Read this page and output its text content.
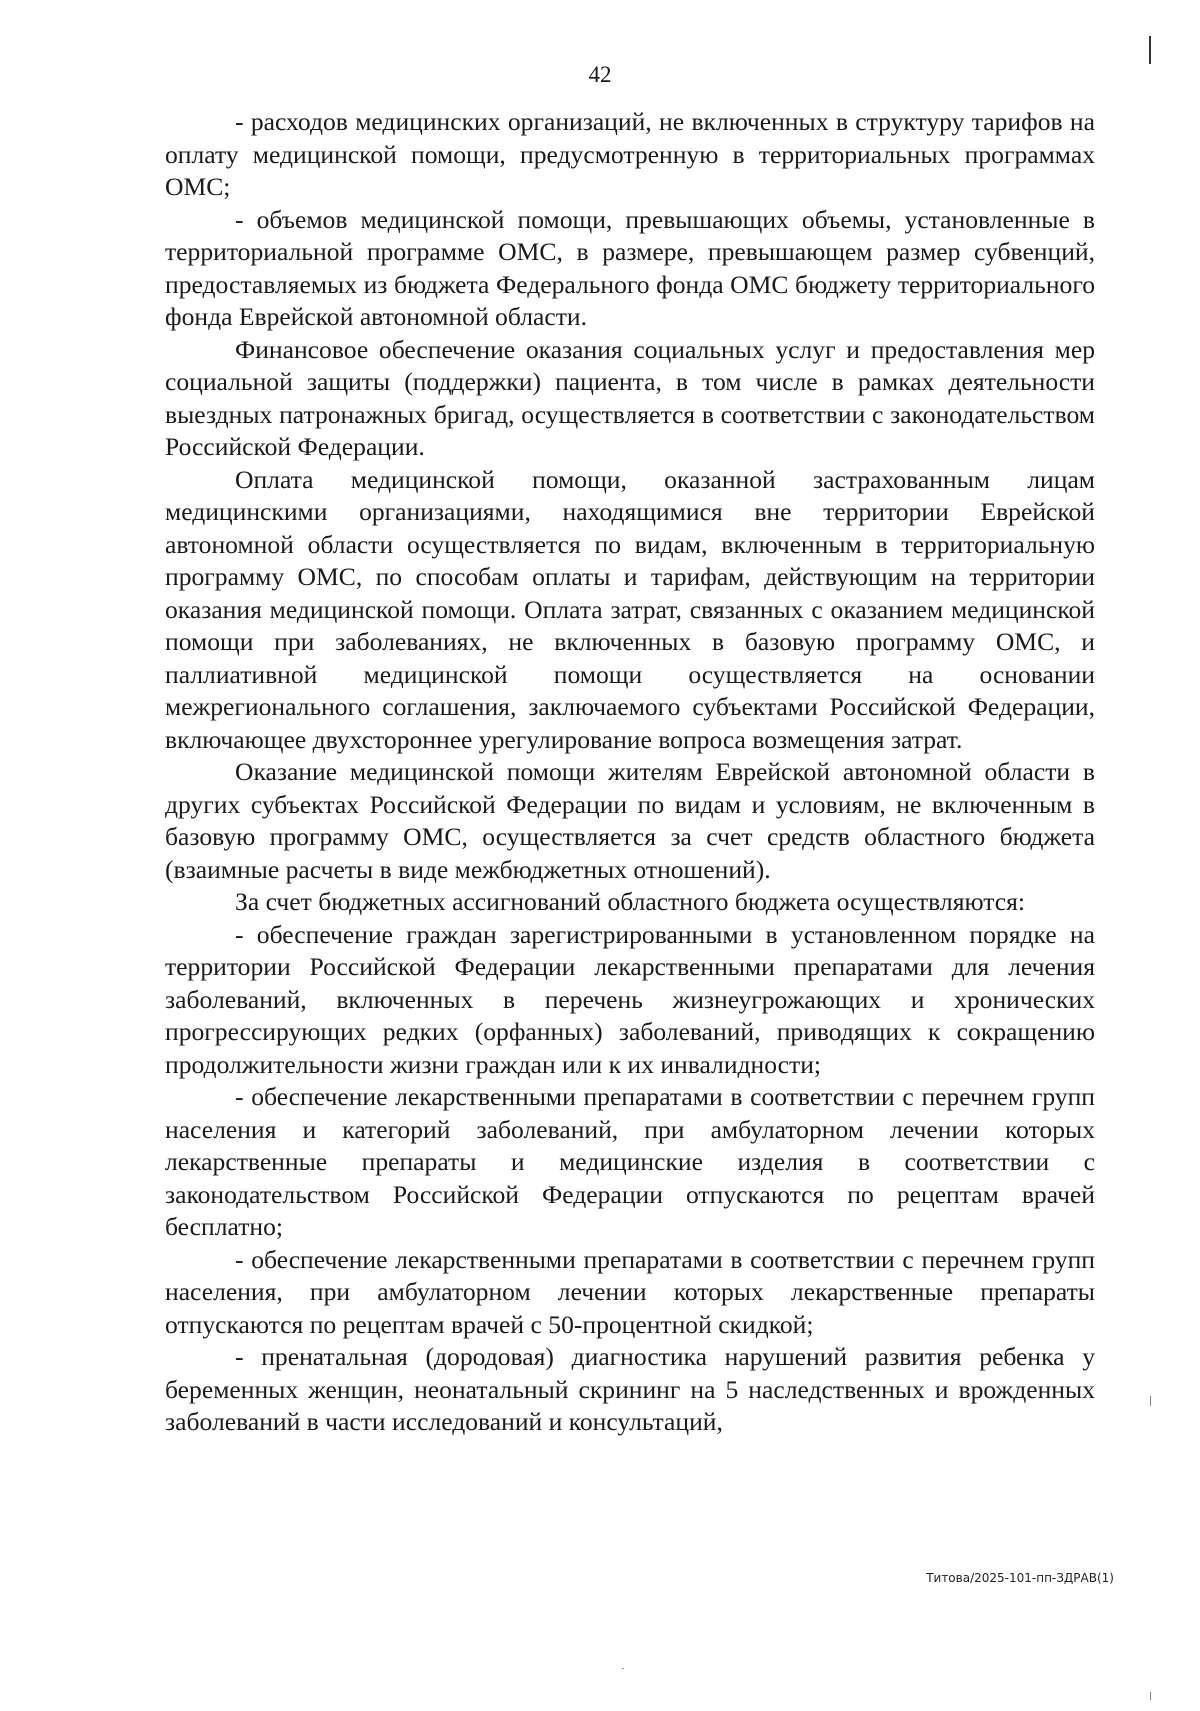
42

- расходов медицинских организаций, не включенных в структуру тарифов на оплату медицинской помощи, предусмотренную в территориальных программах ОМС;

- объемов медицинской помощи, превышающих объемы, установленные в территориальной программе ОМС, в размере, превышающем размер субвенций, предоставляемых из бюджета Федерального фонда ОМС бюджету территориального фонда Еврейской автономной области.

Финансовое обеспечение оказания социальных услуг и предоставления мер социальной защиты (поддержки) пациента, в том числе в рамках деятельности выездных патронажных бригад, осуществляется в соответствии с законодательством Российской Федерации.

Оплата медицинской помощи, оказанной застрахованным лицам медицинскими организациями, находящимися вне территории Еврейской автономной области осуществляется по видам, включенным в территориальную программу ОМС, по способам оплаты и тарифам, действующим на территории оказания медицинской помощи. Оплата затрат, связанных с оказанием медицинской помощи при заболеваниях, не включенных в базовую программу ОМС, и паллиативной медицинской помощи осуществляется на основании межрегионального соглашения, заключаемого субъектами Российской Федерации, включающее двухстороннее урегулирование вопроса возмещения затрат.

Оказание медицинской помощи жителям Еврейской автономной области в других субъектах Российской Федерации по видам и условиям, не включенным в базовую программу ОМС, осуществляется за счет средств областного бюджета (взаимные расчеты в виде межбюджетных отношений).

За счет бюджетных ассигнований областного бюджета осуществляются:

- обеспечение граждан зарегистрированными в установленном порядке на территории Российской Федерации лекарственными препаратами для лечения заболеваний, включенных в перечень жизнеугрожающих и хронических прогрессирующих редких (орфанных) заболеваний, приводящих к сокращению продолжительности жизни граждан или к их инвалидности;

- обеспечение лекарственными препаратами в соответствии с перечнем групп населения и категорий заболеваний, при амбулаторном лечении которых лекарственные препараты и медицинские изделия в соответствии с законодательством Российской Федерации отпускаются по рецептам врачей бесплатно;

- обеспечение лекарственными препаратами в соответствии с перечнем групп населения, при амбулаторном лечении которых лекарственные препараты отпускаются по рецептам врачей с 50-процентной скидкой;

- пренатальная (дородовая) диагностика нарушений развития ребенка у беременных женщин, неонатальный скрининг на 5 наследственных и врожденных заболеваний в части исследований и консультаций,

Титова/2025-101-пп-ЗДРАВ(1)
